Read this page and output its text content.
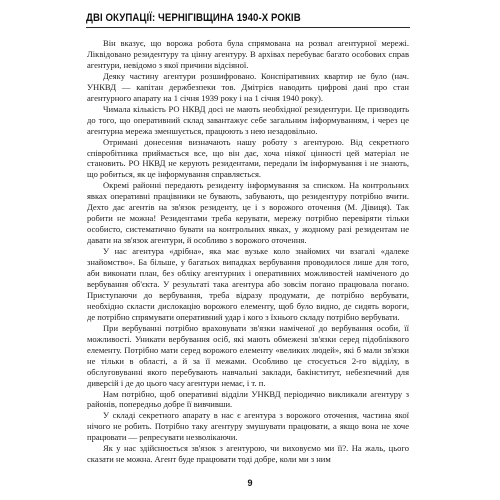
ДВІ ОКУПАЦІЇ: ЧЕРНІГІВЩИНА 1940-Х РОКІВ

Він вказує, що ворожа робота була спрямована на розвал агентурної мережі. Ліквідовано резидентуру та цінну агентуру. В архівах перебуває багато особових справ агентури, невідомо з якої причини відсіяної.

Деяку частину агентури розшифровано. Конспіративних квартир не було (нач. УНКВД — капітан держбезпеки тов. Дмітрієв наводить цифрові дані про стан агентурного апарату на 1 січня 1939 року і на 1 січня 1940 року).

Чимала кількість РО НКВД досі не мають необхідної резидентури. Це призводить до того, що оперативний склад завантажує себе загальним інформуванням, і через це агентурна мережа зменшується, працюють з нею незадовільно.

Отримані донесення визначають нашу роботу з агентурою. Від секретного співробітника приймається все, що він дає, хоча ніякої цінності цей матеріал не становить. РО НКВД не керують резидентами, передали їм інформування і не знають, що робиться, як це інформування справляється.

Окремі районні передають резиденту інформування за списком. На контрольних явках оперативні працівники не бувають, забувають, що резидентуру потрібно вчити. Дехто дає агентів на зв'язок резиденту, це і з ворожого оточення (М. Дівиця). Так робити не можна! Резидентами треба керувати, мережу потрібно перевіряти тільки особисто, систематично бувати на контрольних явках, у жодному разі резидентам не давати на зв'язок агентури, й особливо з ворожого оточення.

У нас агентура «дрібна», яка має вузьке коло знайомих чи взагалі «далеке знайомство». Ба більше, у багатьох випадках вербування проводилося лише для того, аби виконати план, без обліку агентурних і оперативних можливостей наміченого до вербування об'єкта. У результаті така агентура або зовсім погано працювала погано. Приступаючи до вербування, треба відразу продумати, де потрібно вербувати, необхідно скласти дислокацію ворожого елементу, щоб було видно, де сидять вороги, де потрібно спрямувати оперативний удар і кого з їхнього складу потрібно вербувати.

При вербуванні потрібно враховувати зв'язки наміченої до вербування особи, її можливості. Уникати вербування осіб, які мають обмежені зв'язки серед підобліквого елементу. Потрібно мати серед ворожого елементу «великих людей», які б мали зв'язки не тільки в області, а й за її межами. Особливо це стосується 2-го відділу, в обслуговуванні якого перебувають навчальні заклади, бакінститут, небезпечний для диверсій і де до цього часу агентури немає, і т. п.

Нам потрібно, щоб оперативні відділи УНКВД періодично викликали агентуру з районів, попередньо добре її вивчивши.

У складі секретного апарату в нас є агентура з ворожого оточення, частина якої нічого не робить. Потрібно таку агентуру змушувати працювати, а якщо вона не хоче працювати — репресувати незволікаючи.

Як у нас здійснюється зв'язок з агентурою, чи виховуємо ми її?. На жаль, цього сказати не можна. Агент буде працювати тоді добре, коли ми з ним

9
